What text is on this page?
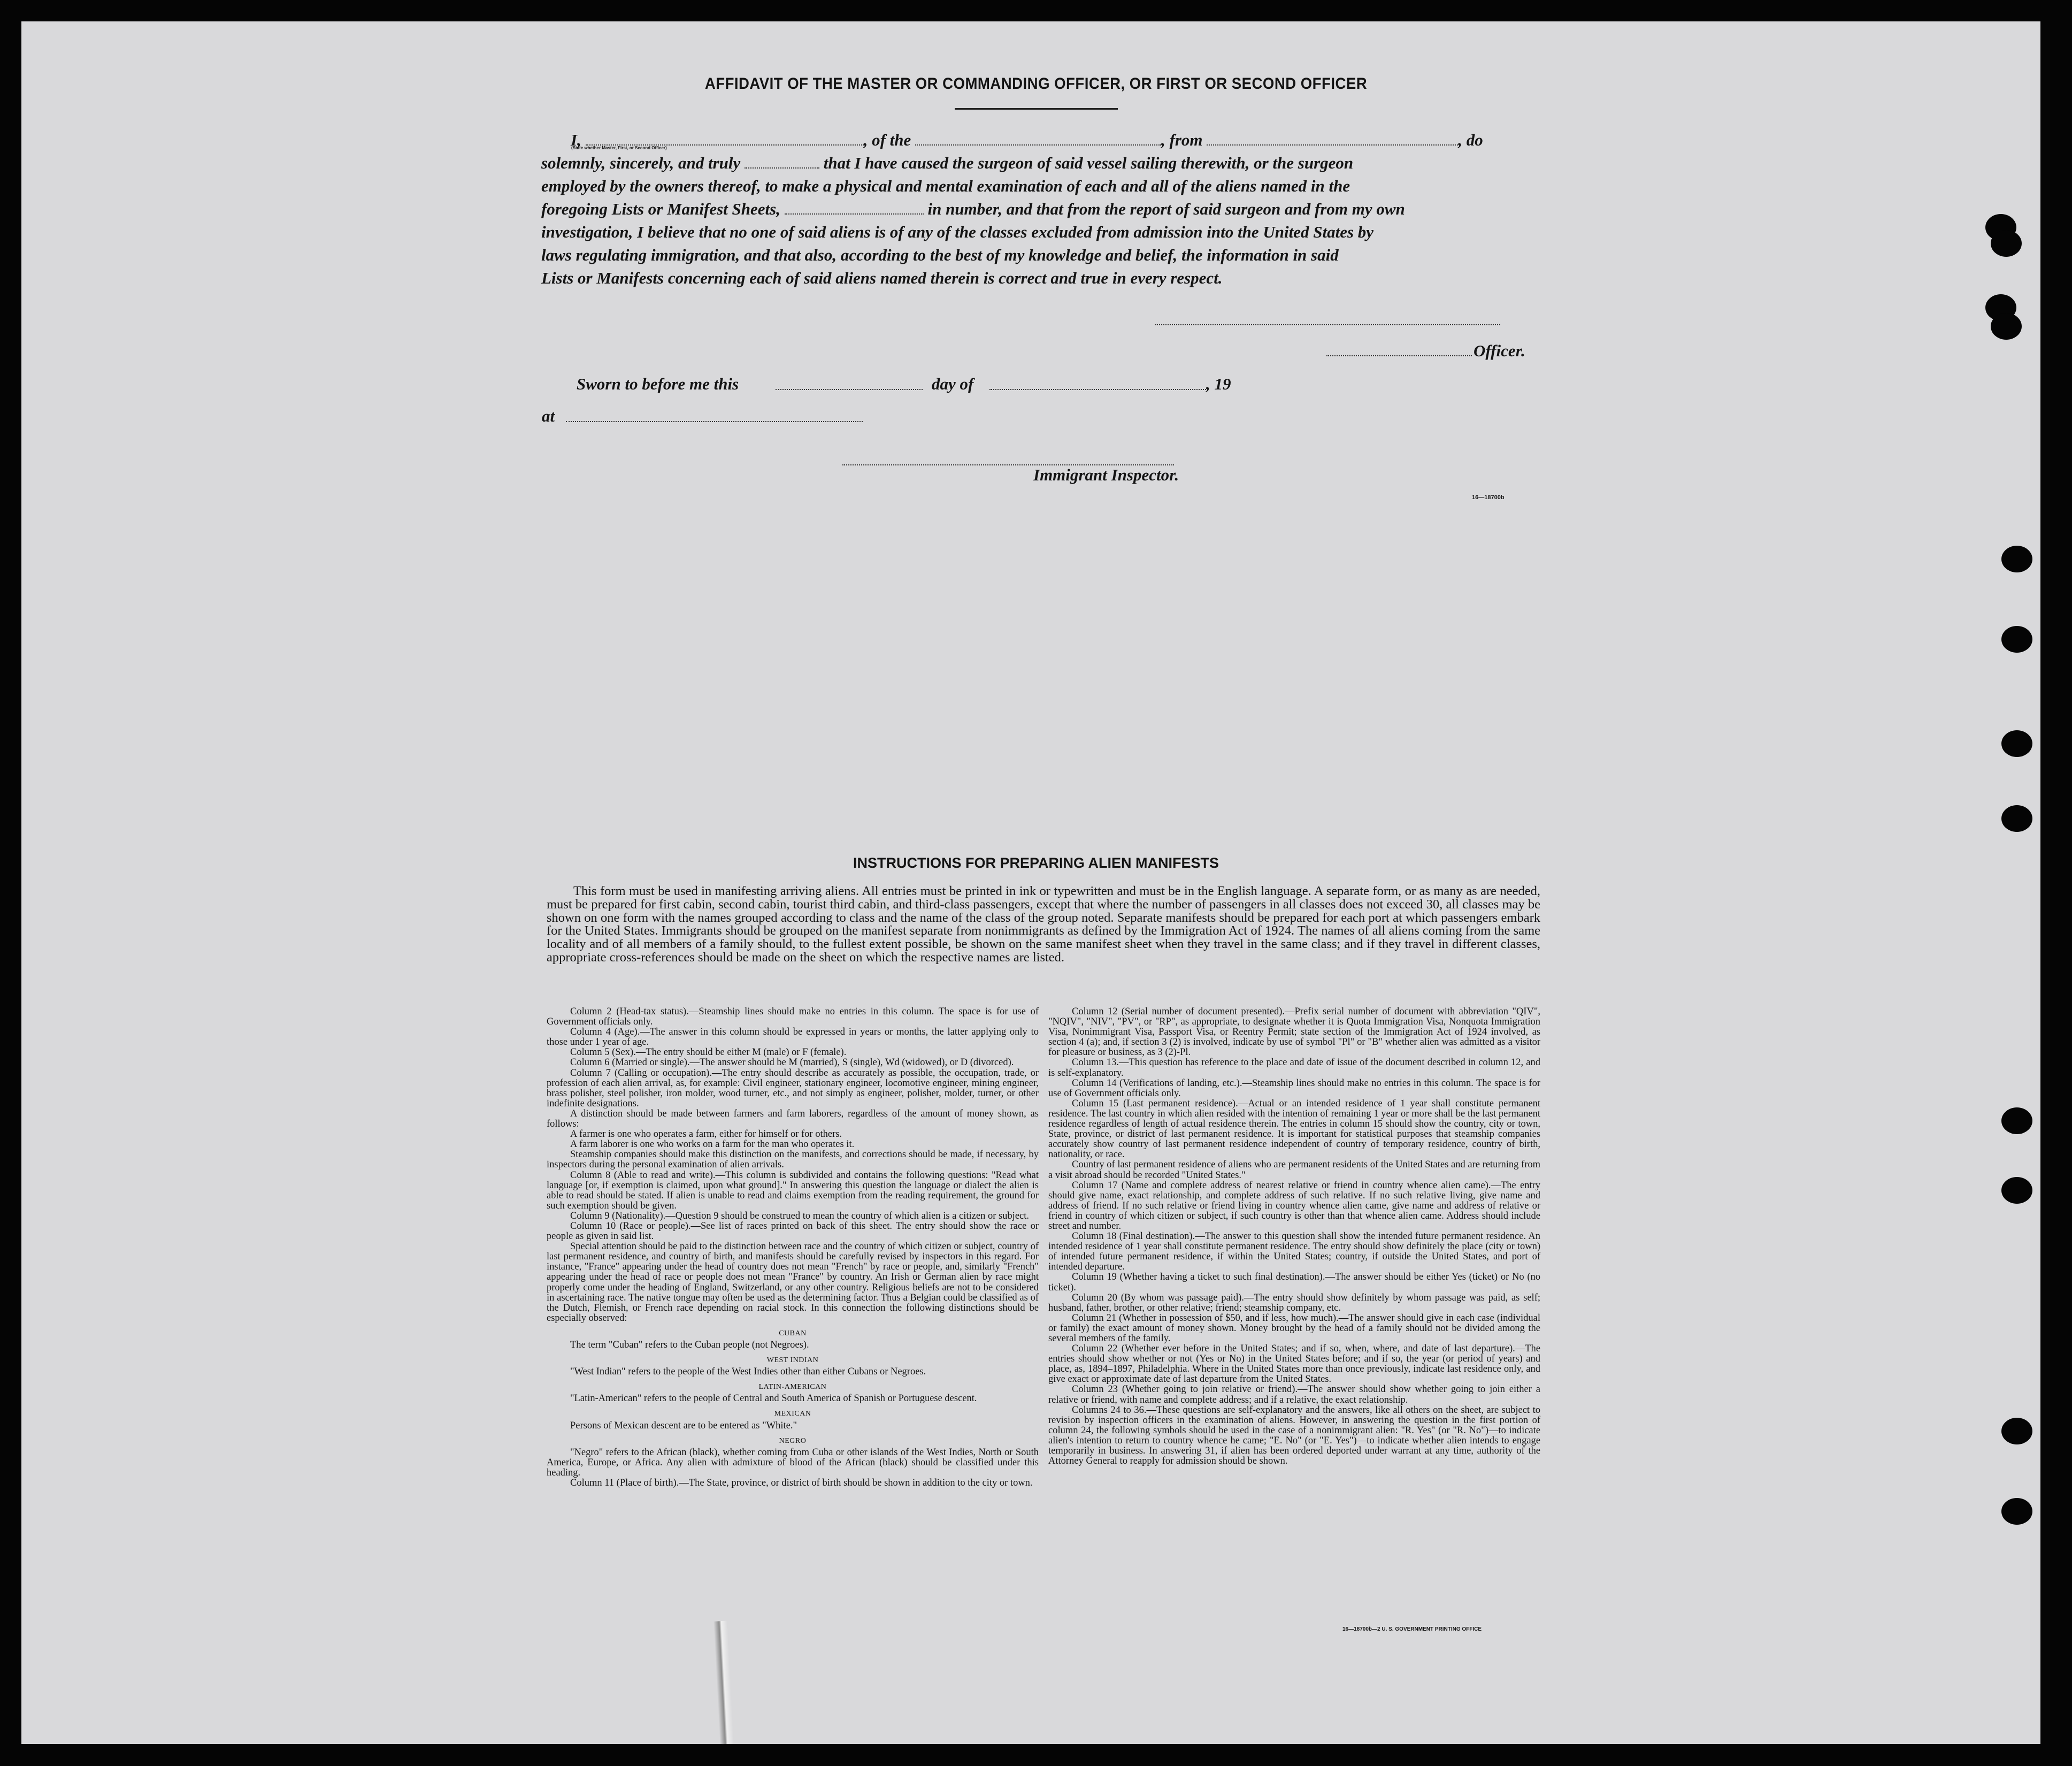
AFFIDAVIT OF THE MASTER OR COMMANDING OFFICER, OR FIRST OR SECOND OFFICER

I,	, of the	, from	, do

solemnly, sincerely, and truly	that I have caused the surgeon of said vessel sailing therewith, or the surgeon

employed by the owners thereof, to make a physical and mental examination of each and all of the aliens named in the

foregoing Lists or Manifest Sheets,	in number, and that from the report of said surgeon and from my own

investigation, I believe that no one of said aliens is of any of the classes excluded from admission into the United States by

laws regulating immigration, and that also, according to the best of my knowledge and belief, the information in said

Lists or Manifests concerning each of said aliens named therein is correct and true in every respect.

(State whether Master, First, or Second Officer)
Officer.
Sworn to before me this	day of	, 19
at
Immigrant Inspector.
16—18700b
INSTRUCTIONS FOR PREPARING ALIEN MANIFESTS
This form must be used in manifesting arriving aliens. All entries must be printed in ink or typewritten and must be in the English language. A separate form, or as many as are needed, must be prepared for first cabin, second cabin, tourist third cabin, and third-class passengers, except that where the number of passengers in all classes does not exceed 30, all classes may be shown on one form with the names grouped according to class and the name of the class of the group noted. Separate manifests should be prepared for each port at which passengers embark for the United States. Immigrants should be grouped on the manifest separate from nonimmigrants as defined by the Immigration Act of 1924. The names of all aliens coming from the same locality and of all members of a family should, to the fullest extent possible, be shown on the same manifest sheet when they travel in the same class; and if they travel in different classes, appropriate cross-references should be made on the sheet on which the respective names are listed.

Column 2 (Head-tax status).—Steamship lines should make no entries in this column. The space is for use of Government officials only.

Column 4 (Age).—The answer in this column should be expressed in years or months, the latter applying only to those under 1 year of age.

Column 5 (Sex).—The entry should be either M (male) or F (female).

Column 6 (Married or single).—The answer should be M (married), S (single), Wd (widowed), or D (divorced).

Column 7 (Calling or occupation).—The entry should describe as accurately as possible, the occupation, trade, or profession of each alien arrival, as, for example: Civil engineer, stationary engineer, locomotive engineer, mining engineer, brass polisher, steel polisher, iron molder, wood turner, etc., and not simply as engineer, polisher, molder, turner, or other indefinite designations.

A distinction should be made between farmers and farm laborers, regardless of the amount of money shown, as follows:

A farmer is one who operates a farm, either for himself or for others.

A farm laborer is one who works on a farm for the man who operates it.

Steamship companies should make this distinction on the manifests, and corrections should be made, if necessary, by inspectors during the personal examination of alien arrivals.

Column 8 (Able to read and write).—This column is subdivided and contains the following questions: "Read what language [or, if exemption is claimed, upon what ground]." In answering this question the language or dialect the alien is able to read should be stated. If alien is unable to read and claims exemption from the reading requirement, the ground for such exemption should be given.

Column 9 (Nationality).—Question 9 should be construed to mean the country of which alien is a citizen or subject.

Column 10 (Race or people).—See list of races printed on back of this sheet. The entry should show the race or people as given in said list.

Special attention should be paid to the distinction between race and the country of which citizen or subject, country of last permanent residence, and country of birth, and manifests should be carefully revised by inspectors in this regard. For instance, "France" appearing under the head of country does not mean "French" by race or people, and, similarly "French" appearing under the head of race or people does not mean "France" by country. An Irish or German alien by race might properly come under the heading of England, Switzerland, or any other country. Religious beliefs are not to be considered in ascertaining race. The native tongue may often be used as the determining factor. Thus a Belgian could be classified as of the Dutch, Flemish, or French race depending on racial stock. In this connection the following distinctions should be especially observed:

CUBAN

The term "Cuban" refers to the Cuban people (not Negroes).

WEST INDIAN

"West Indian" refers to the people of the West Indies other than either Cubans or Negroes.

LATIN-AMERICAN

"Latin-American" refers to the people of Central and South America of Spanish or Portuguese descent.

MEXICAN

Persons of Mexican descent are to be entered as "White."

NEGRO

"Negro" refers to the African (black), whether coming from Cuba or other islands of the West Indies, North or South America, Europe, or Africa. Any alien with admixture of blood of the African (black) should be classified under this heading.

Column 11 (Place of birth).—The State, province, or district of birth should be shown in addition to the city or town.

Column 12 (Serial number of document presented).—Prefix serial number of document with abbreviation "QIV", "NQIV", "NIV", "PV", or "RP", as appropriate, to designate whether it is Quota Immigration Visa, Nonquota Immigration Visa, Nonimmigrant Visa, Passport Visa, or Reentry Permit; state section of the Immigration Act of 1924 involved, as section 4 (a); and, if section 3 (2) is involved, indicate by use of symbol "Pl" or "B" whether alien was admitted as a visitor for pleasure or business, as 3 (2)-Pl.

Column 13.—This question has reference to the place and date of issue of the document described in column 12, and is self-explanatory.

Column 14 (Verifications of landing, etc.).—Steamship lines should make no entries in this column. The space is for use of Government officials only.

Column 15 (Last permanent residence).—Actual or an intended residence of 1 year shall constitute permanent residence. The last country in which alien resided with the intention of remaining 1 year or more shall be the last permanent residence regardless of length of actual residence therein. The entries in column 15 should show the country, city or town, State, province, or district of last permanent residence. It is important for statistical purposes that steamship companies accurately show country of last permanent residence independent of country of temporary residence, country of birth, nationality, or race.

Country of last permanent residence of aliens who are permanent residents of the United States and are returning from a visit abroad should be recorded "United States."

Column 17 (Name and complete address of nearest relative or friend in country whence alien came).—The entry should give name, exact relationship, and complete address of such relative. If no such relative living, give name and address of friend. If no such relative or friend living in country whence alien came, give name and address of relative or friend in country of which citizen or subject, if such country is other than that whence alien came. Address should include street and number.

Column 18 (Final destination).—The answer to this question shall show the intended future permanent residence. An intended residence of 1 year shall constitute permanent residence. The entry should show definitely the place (city or town) of intended future permanent residence, if within the United States; country, if outside the United States, and port of intended departure.

Column 19 (Whether having a ticket to such final destination).—The answer should be either Yes (ticket) or No (no ticket).

Column 20 (By whom was passage paid).—The entry should show definitely by whom passage was paid, as self; husband, father, brother, or other relative; friend; steamship company, etc.

Column 21 (Whether in possession of $50, and if less, how much).—The answer should give in each case (individual or family) the exact amount of money shown. Money brought by the head of a family should not be divided among the several members of the family.

Column 22 (Whether ever before in the United States; and if so, when, where, and date of last departure).—The entries should show whether or not (Yes or No) in the United States before; and if so, the year (or period of years) and place, as, 1894–1897, Philadelphia. Where in the United States more than once previously, indicate last residence only, and give exact or approximate date of last departure from the United States.

Column 23 (Whether going to join relative or friend).—The answer should show whether going to join either a relative or friend, with name and complete address; and if a relative, the exact relationship.

Columns 24 to 36.—These questions are self-explanatory and the answers, like all others on the sheet, are subject to revision by inspection officers in the examination of aliens. However, in answering the question in the first portion of column 24, the following symbols should be used in the case of a nonimmigrant alien: "R. Yes" (or "R. No")—to indicate alien's intention to return to country whence he came; "E. No" (or "E. Yes")—to indicate whether alien intends to engage temporarily in business. In answering 31, if alien has been ordered deported under warrant at any time, authority of the Attorney General to reapply for admission should be shown.

16—18700b—2 U. S. GOVERNMENT PRINTING OFFICE
